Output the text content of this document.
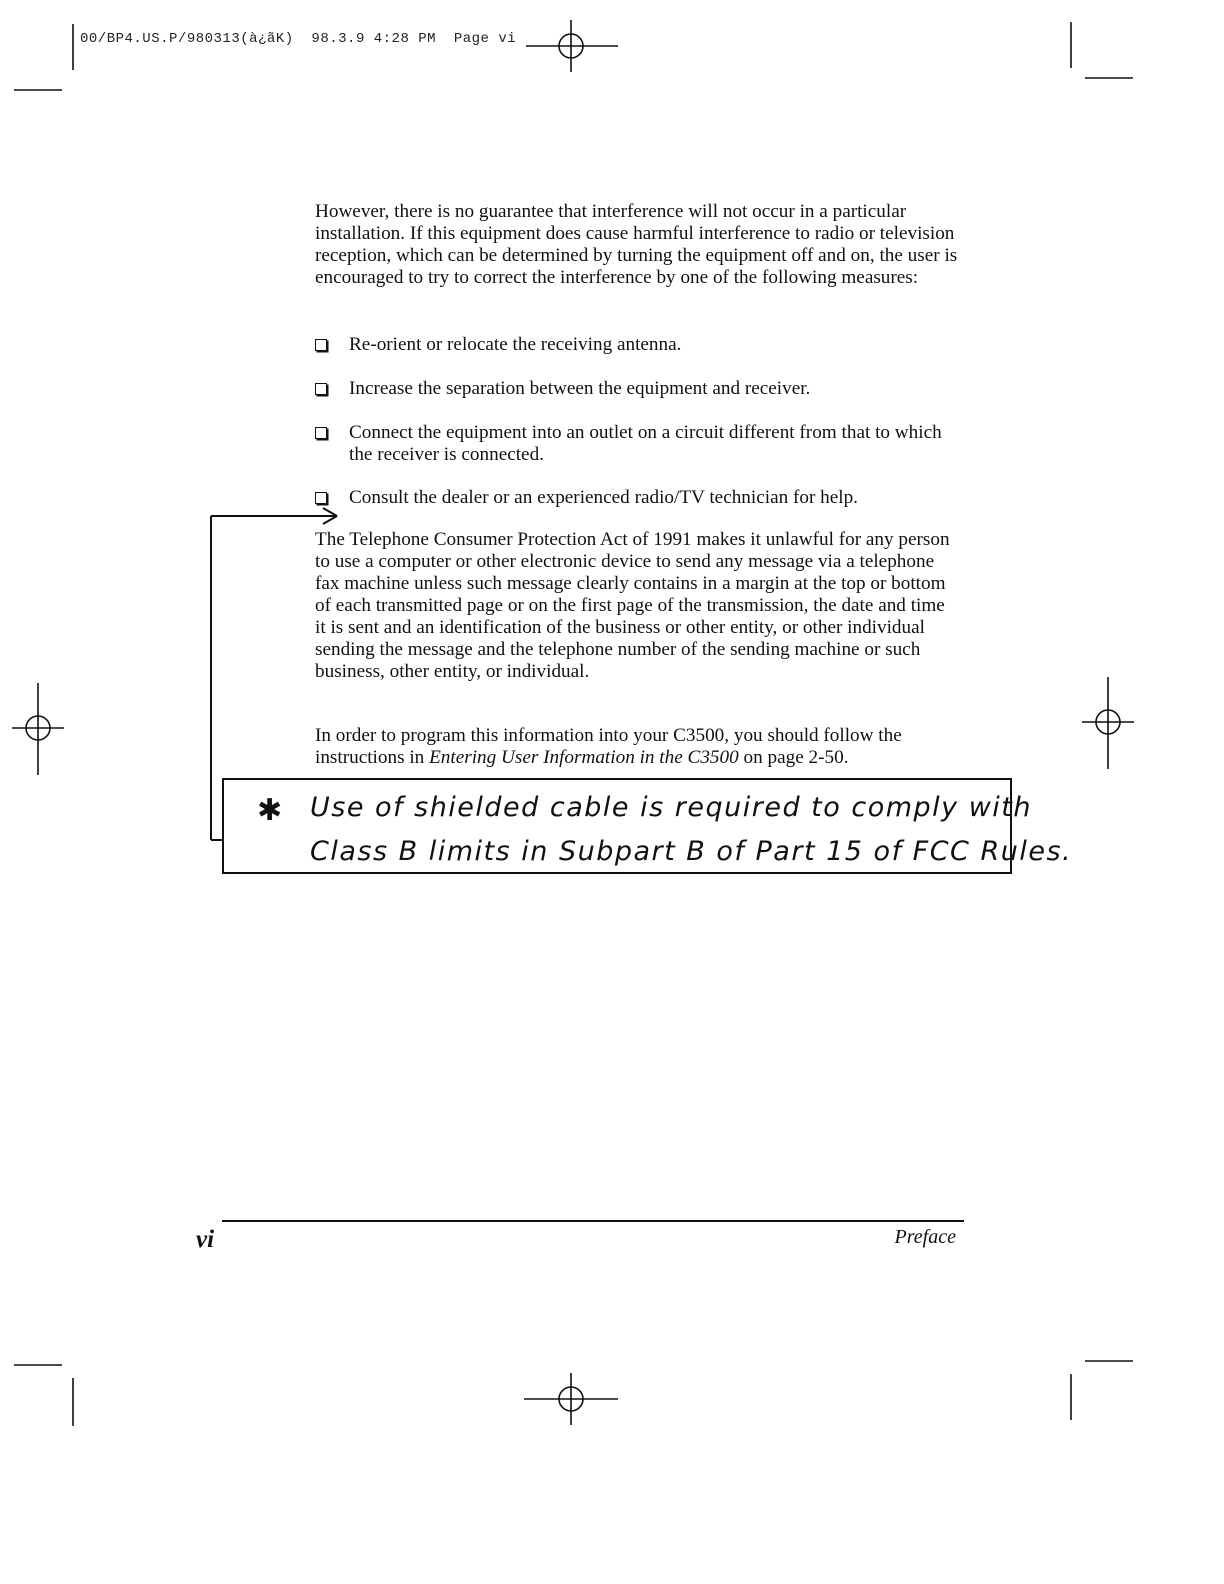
00/BP4.US.P/980313(à¿ãK)  98.3.9 4:28 PM  Page vi

However, there is no guarantee that interference will not occur in a particular installation. If this equipment does cause harmful interference to radio or television reception, which can be determined by turning the equipment off and on, the user is encouraged to try to correct the interference by one of the following measures:

Re-orient or relocate the receiving antenna.
Increase the separation between the equipment and receiver.
Connect the equipment into an outlet on a circuit different from that to which the receiver is connected.
Consult the dealer or an experienced radio/TV technician for help.

The Telephone Consumer Protection Act of 1991 makes it unlawful for any person to use a computer or other electronic device to send any message via a telephone fax machine unless such message clearly contains in a margin at the top or bottom of each transmitted page or on the first page of the transmission, the date and time it is sent and an identification of the business or other entity, or other individual sending the message and the telephone number of the sending machine or such business, other entity, or individual.

In order to program this information into your C3500, you should follow the instructions in Entering User Information in the C3500 on page 2-50.

✱ Use of shielded cable is required to comply with
Class B limits in Subpart B of Part 15 of FCC Rules.
vi	Preface
